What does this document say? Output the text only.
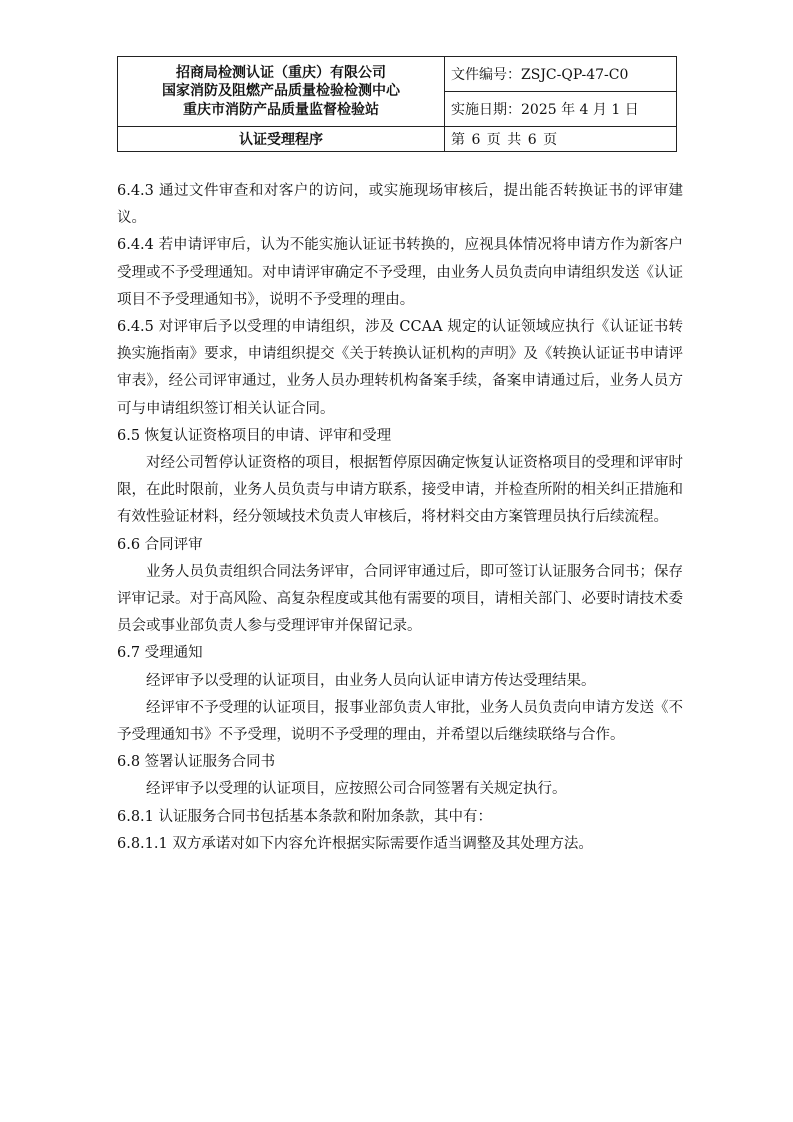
招商局检测认证（重庆）有限公司
国家消防及阻燃产品质量检验检测中心
重庆市消防产品质量监督检验站	文件编号：ZSJC-QP-47-C0
	实施日期：2025 年 4 月 1 日
认证受理程序	第 6 页 共 6 页

6.4.3 通过文件审查和对客户的访问，或实施现场审核后，提出能否转换证书的评审建议。

6.4.4 若申请评审后，认为不能实施认证证书转换的，应视具体情况将申请方作为新客户受理或不予受理通知。对申请评审确定不予受理，由业务人员负责向申请组织发送《认证项目不予受理通知书》，说明不予受理的理由。

6.4.5 对评审后予以受理的申请组织，涉及 CCAA 规定的认证领域应执行《认证证书转换实施指南》要求，申请组织提交《关于转换认证机构的声明》及《转换认证证书申请评审表》，经公司评审通过，业务人员办理转机构备案手续，备案申请通过后，业务人员方可与申请组织签订相关认证合同。

6.5 恢复认证资格项目的申请、评审和受理

对经公司暂停认证资格的项目，根据暂停原因确定恢复认证资格项目的受理和评审时限，在此时限前，业务人员负责与申请方联系，接受申请，并检查所附的相关纠正措施和有效性验证材料，经分领域技术负责人审核后，将材料交由方案管理员执行后续流程。

6.6 合同评审

业务人员负责组织合同法务评审，合同评审通过后，即可签订认证服务合同书；保存评审记录。对于高风险、高复杂程度或其他有需要的项目，请相关部门、必要时请技术委员会或事业部负责人参与受理评审并保留记录。

6.7 受理通知

经评审予以受理的认证项目，由业务人员向认证申请方传达受理结果。

经评审不予受理的认证项目，报事业部负责人审批，业务人员负责向申请方发送《不予受理通知书》不予受理，说明不予受理的理由，并希望以后继续联络与合作。

6.8 签署认证服务合同书

经评审予以受理的认证项目，应按照公司合同签署有关规定执行。

6.8.1 认证服务合同书包括基本条款和附加条款，其中有：

6.8.1.1 双方承诺对如下内容允许根据实际需要作适当调整及其处理方法。
